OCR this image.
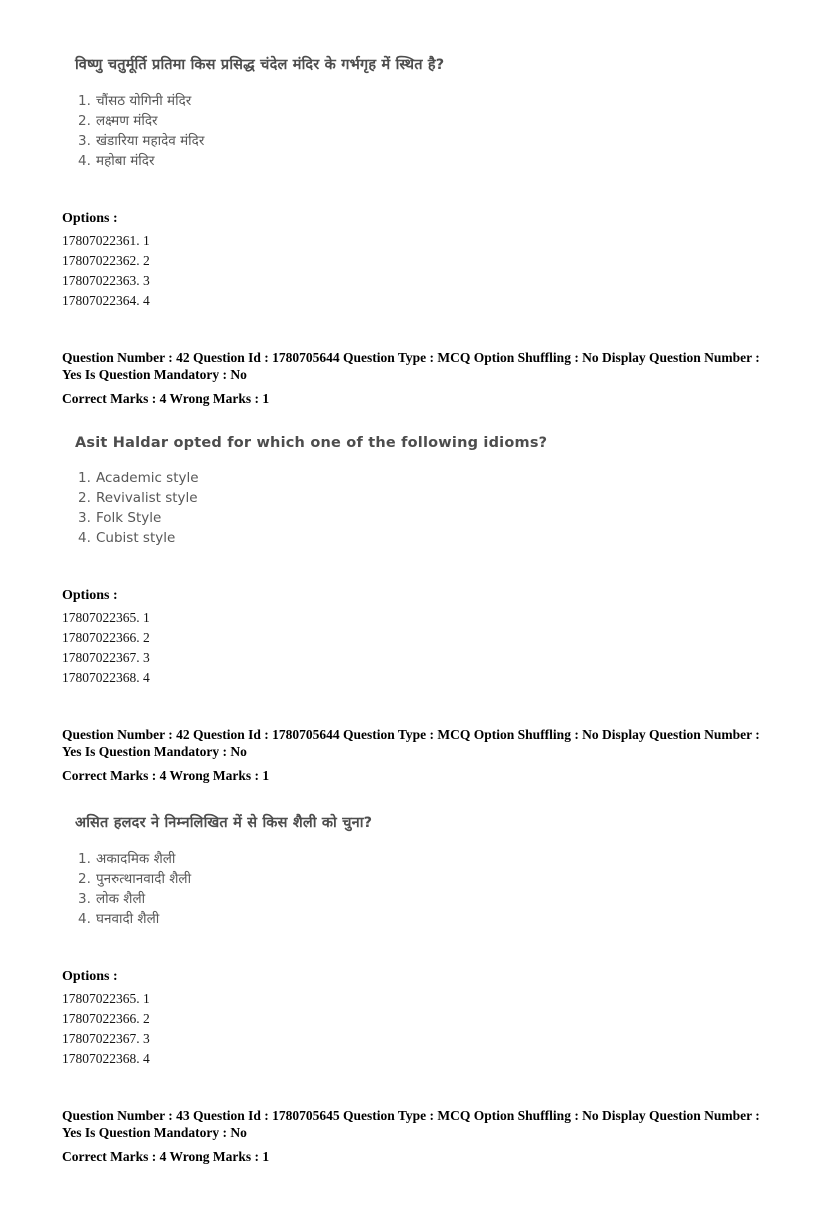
विष्णु चतुर्मूर्ति प्रतिमा किस प्रसिद्ध चंदेल मंदिर के गर्भगृह में स्थित है?
1. चौंसठ योगिनी मंदिर
2. लक्ष्मण मंदिर
3. खंडारिया महादेव मंदिर
4. महोबा मंदिर
Options :
17807022361. 1
17807022362. 2
17807022363. 3
17807022364. 4

Question Number : 42 Question Id : 1780705644 Question Type : MCQ Option Shuffling : No Display Question Number : Yes Is Question Mandatory : No

Correct Marks : 4 Wrong Marks : 1

Asit Haldar opted for which one of the following idioms?
1. Academic style
2. Revivalist style
3. Folk Style
4. Cubist style
Options :
17807022365. 1
17807022366. 2
17807022367. 3
17807022368. 4

Question Number : 42 Question Id : 1780705644 Question Type : MCQ Option Shuffling : No Display Question Number : Yes Is Question Mandatory : No

Correct Marks : 4 Wrong Marks : 1

असित हलदर ने निम्नलिखित में से किस शैली को चुना?
1. अकादमिक शैली
2. पुनरुत्थानवादी शैली
3. लोक शैली
4. घनवादी शैली
Options :
17807022365. 1
17807022366. 2
17807022367. 3
17807022368. 4

Question Number : 43 Question Id : 1780705645 Question Type : MCQ Option Shuffling : No Display Question Number : Yes Is Question Mandatory : No

Correct Marks : 4 Wrong Marks : 1
